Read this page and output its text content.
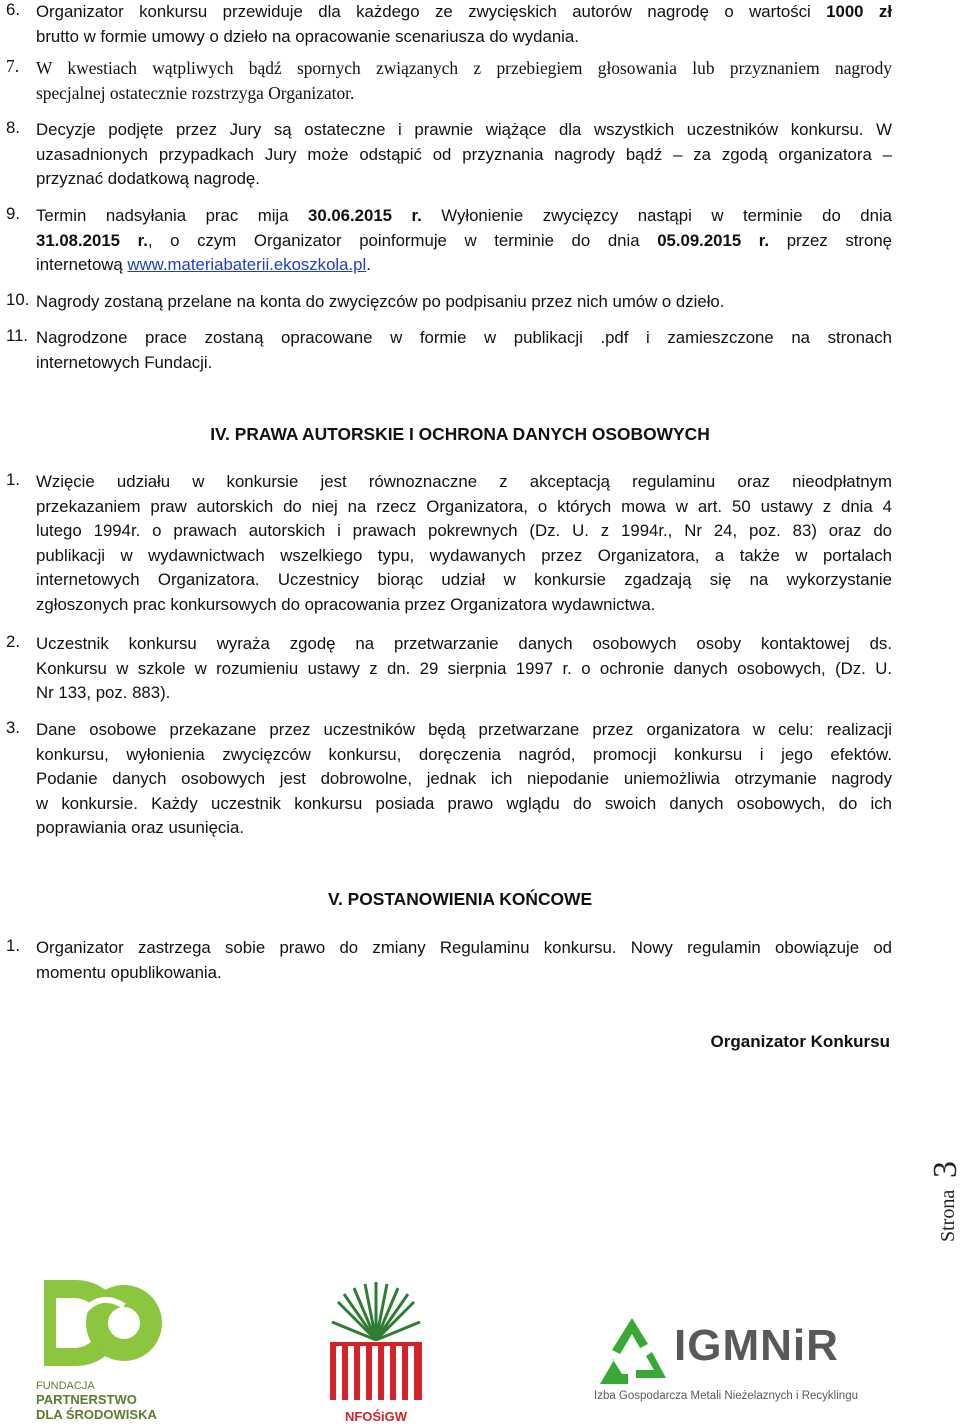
6. Organizator konkursu przewiduje dla każdego ze zwycięskich autorów nagrodę o wartości 1000 zł
brutto w formie umowy o dzieło na opracowanie scenariusza do wydania.
7. W kwestiach wątpliwych bądź spornych związanych z przebiegiem głosowania lub przyznaniem nagrody
specjalnej ostatecznie rozstrzyga Organizator.
8. Decyzje podjęte przez Jury są ostateczne i prawnie wiążące dla wszystkich uczestników konkursu. W
uzasadnionych przypadkach Jury może odstąpić od przyznania nagrody bądź – za zgodą organizatora –
przyznać dodatkową nagrodę.
9. Termin nadsyłania prac mija 30.06.2015 r. Wyłonienie zwycięzcy nastąpi w terminie do dnia
31.08.2015 r., o czym Organizator poinformuje w terminie do dnia 05.09.2015 r. przez stronę
internetową www.materiabaterii.ekoszkola.pl.
10. Nagrody zostaną przelane na konta do zwycięzców po podpisaniu przez nich umów o dzieło.
11. Nagrodzone prace zostaną opracowane w formie w publikacji .pdf i zamieszczone na stronach
internetowych Fundacji.
IV. PRAWA AUTORSKIE I OCHRONA DANYCH OSOBOWYCH
1. Wzięcie udziału w konkursie jest równoznaczne z akceptacją regulaminu oraz nieodpłatnym
przekazaniem praw autorskich do niej na rzecz Organizatora, o których mowa w art. 50 ustawy z dnia 4
lutego 1994r. o prawach autorskich i prawach pokrewnych (Dz. U. z 1994r., Nr 24, poz. 83) oraz do
publikacji w wydawnictwach wszelkiego typu, wydawanych przez Organizatora, a także w portalach
internetowych Organizatora. Uczestnicy biorąc udział w konkursie zgadzają się na wykorzystanie
zgłoszonych prac konkursowych do opracowania przez Organizatora wydawnictwa.
2. Uczestnik konkursu wyraża zgodę na przetwarzanie danych osobowych osoby kontaktowej ds.
Konkursu w szkole w rozumieniu ustawy z dn. 29 sierpnia 1997 r. o ochronie danych osobowych, (Dz. U.
Nr 133, poz. 883).
3. Dane osobowe przekazane przez uczestników będą przetwarzane przez organizatora w celu: realizacji
konkursu, wyłonienia zwycięzców konkursu, doręczenia nagród, promocji konkursu i jego efektów.
Podanie danych osobowych jest dobrowolne, jednak ich niepodanie uniemożliwia otrzymanie nagrody
w konkursie. Każdy uczestnik konkursu posiada prawo wglądu do swoich danych osobowych, do ich
poprawiania oraz usunięcia.
V. POSTANOWIENIA KOŃCOWE
1. Organizator zastrzega sobie prawo do zmiany Regulaminu konkursu. Nowy regulamin obowiązuje od
momentu opublikowania.
Organizator Konkursu
Strona
3
FUNDACJA
PARTNERSTWO
DLA ŚRODOWISKA	NFOŚiGW
IGMNiR
Izba Gospodarcza Metali Nieżelaznych i Recyklingu
